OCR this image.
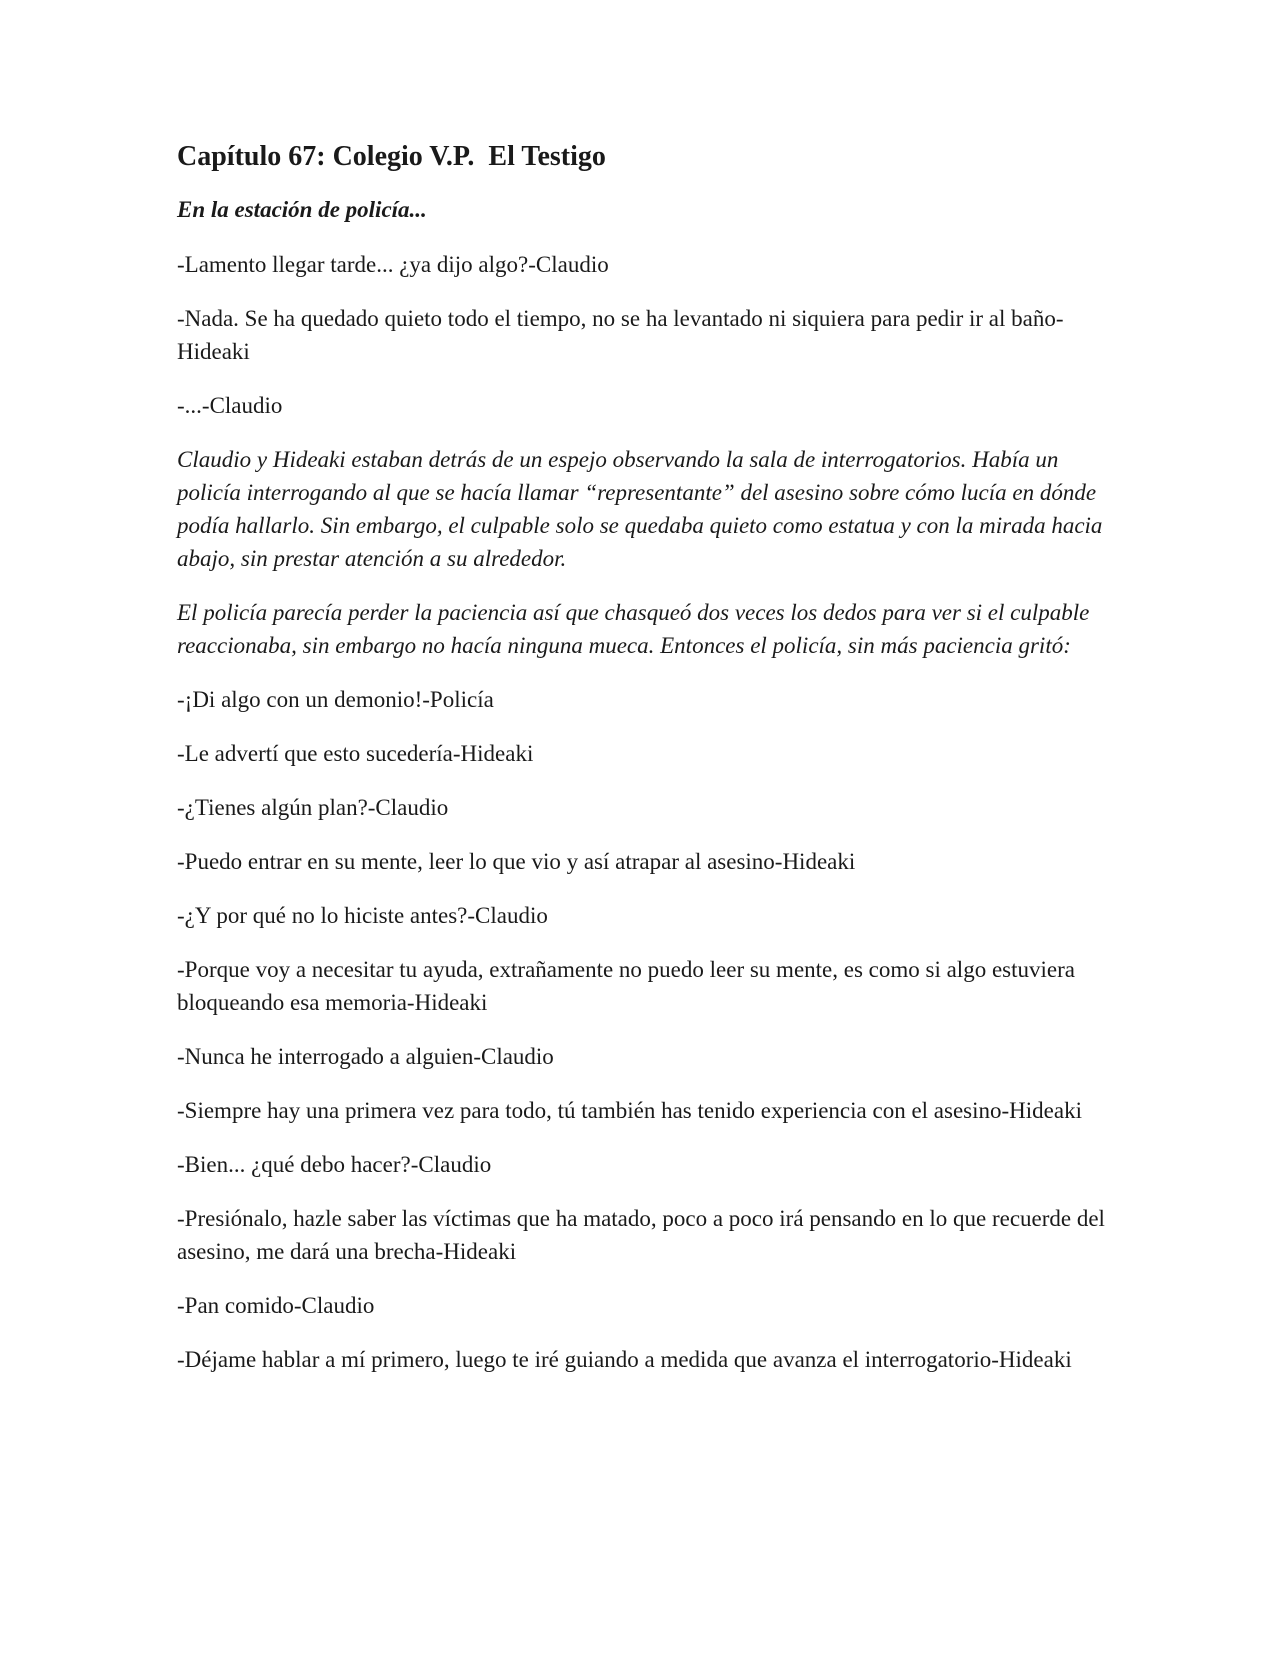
Capítulo 67: Colegio V.P.  El Testigo

En la estación de policía...

-Lamento llegar tarde... ¿ya dijo algo?-Claudio

-Nada. Se ha quedado quieto todo el tiempo, no se ha levantado ni siquiera para pedir ir al baño-Hideaki

-...-Claudio

Claudio y Hideaki estaban detrás de un espejo observando la sala de interrogatorios. Había un policía interrogando al que se hacía llamar “representante” del asesino sobre cómo lucía en dónde podía hallarlo. Sin embargo, el culpable solo se quedaba quieto como estatua y con la mirada hacia abajo, sin prestar atención a su alrededor.

El policía parecía perder la paciencia así que chasqueó dos veces los dedos para ver si el culpable reaccionaba, sin embargo no hacía ninguna mueca. Entonces el policía, sin más paciencia gritó:

-¡Di algo con un demonio!-Policía

-Le advertí que esto sucedería-Hideaki

-¿Tienes algún plan?-Claudio

-Puedo entrar en su mente, leer lo que vio y así atrapar al asesino-Hideaki

-¿Y por qué no lo hiciste antes?-Claudio

-Porque voy a necesitar tu ayuda, extrañamente no puedo leer su mente, es como si algo estuviera bloqueando esa memoria-Hideaki

-Nunca he interrogado a alguien-Claudio

-Siempre hay una primera vez para todo, tú también has tenido experiencia con el asesino-Hideaki

-Bien... ¿qué debo hacer?-Claudio

-Presiónalo, hazle saber las víctimas que ha matado, poco a poco irá pensando en lo que recuerde del asesino, me dará una brecha-Hideaki

-Pan comido-Claudio

-Déjame hablar a mí primero, luego te iré guiando a medida que avanza el interrogatorio-Hideaki
